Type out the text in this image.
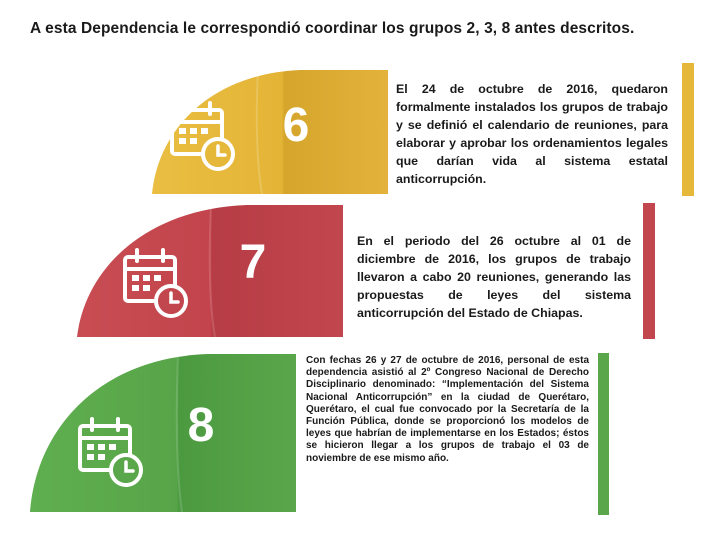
A esta Dependencia le correspondió coordinar los grupos 2, 3, 8 antes descritos.
6
El 24 de octubre de 2016, quedaron formalmente instalados los grupos de trabajo y se definió el calendario de reuniones, para elaborar y aprobar los ordenamientos legales que darían vida al sistema estatal anticorrupción.
7	En el periodo del 26 octubre al 01 de diciembre de 2016, los grupos de trabajo llevaron a cabo 20 reuniones, generando las propuestas de leyes del sistema anticorrupción del Estado de Chiapas.
8
Con fechas 26 y 27 de octubre de 2016, personal de esta dependencia asistió al 2º Congreso Nacional de Derecho Disciplinario denominado: “Implementación del Sistema Nacional Anticorrupción” en la ciudad de Querétaro, Querétaro, el cual fue convocado por la Secretaría de la Función Pública, donde se proporcionó los modelos de leyes que habrían de implementarse en los Estados; éstos se hicieron llegar a los grupos de trabajo el 03 de noviembre de ese mismo año.
